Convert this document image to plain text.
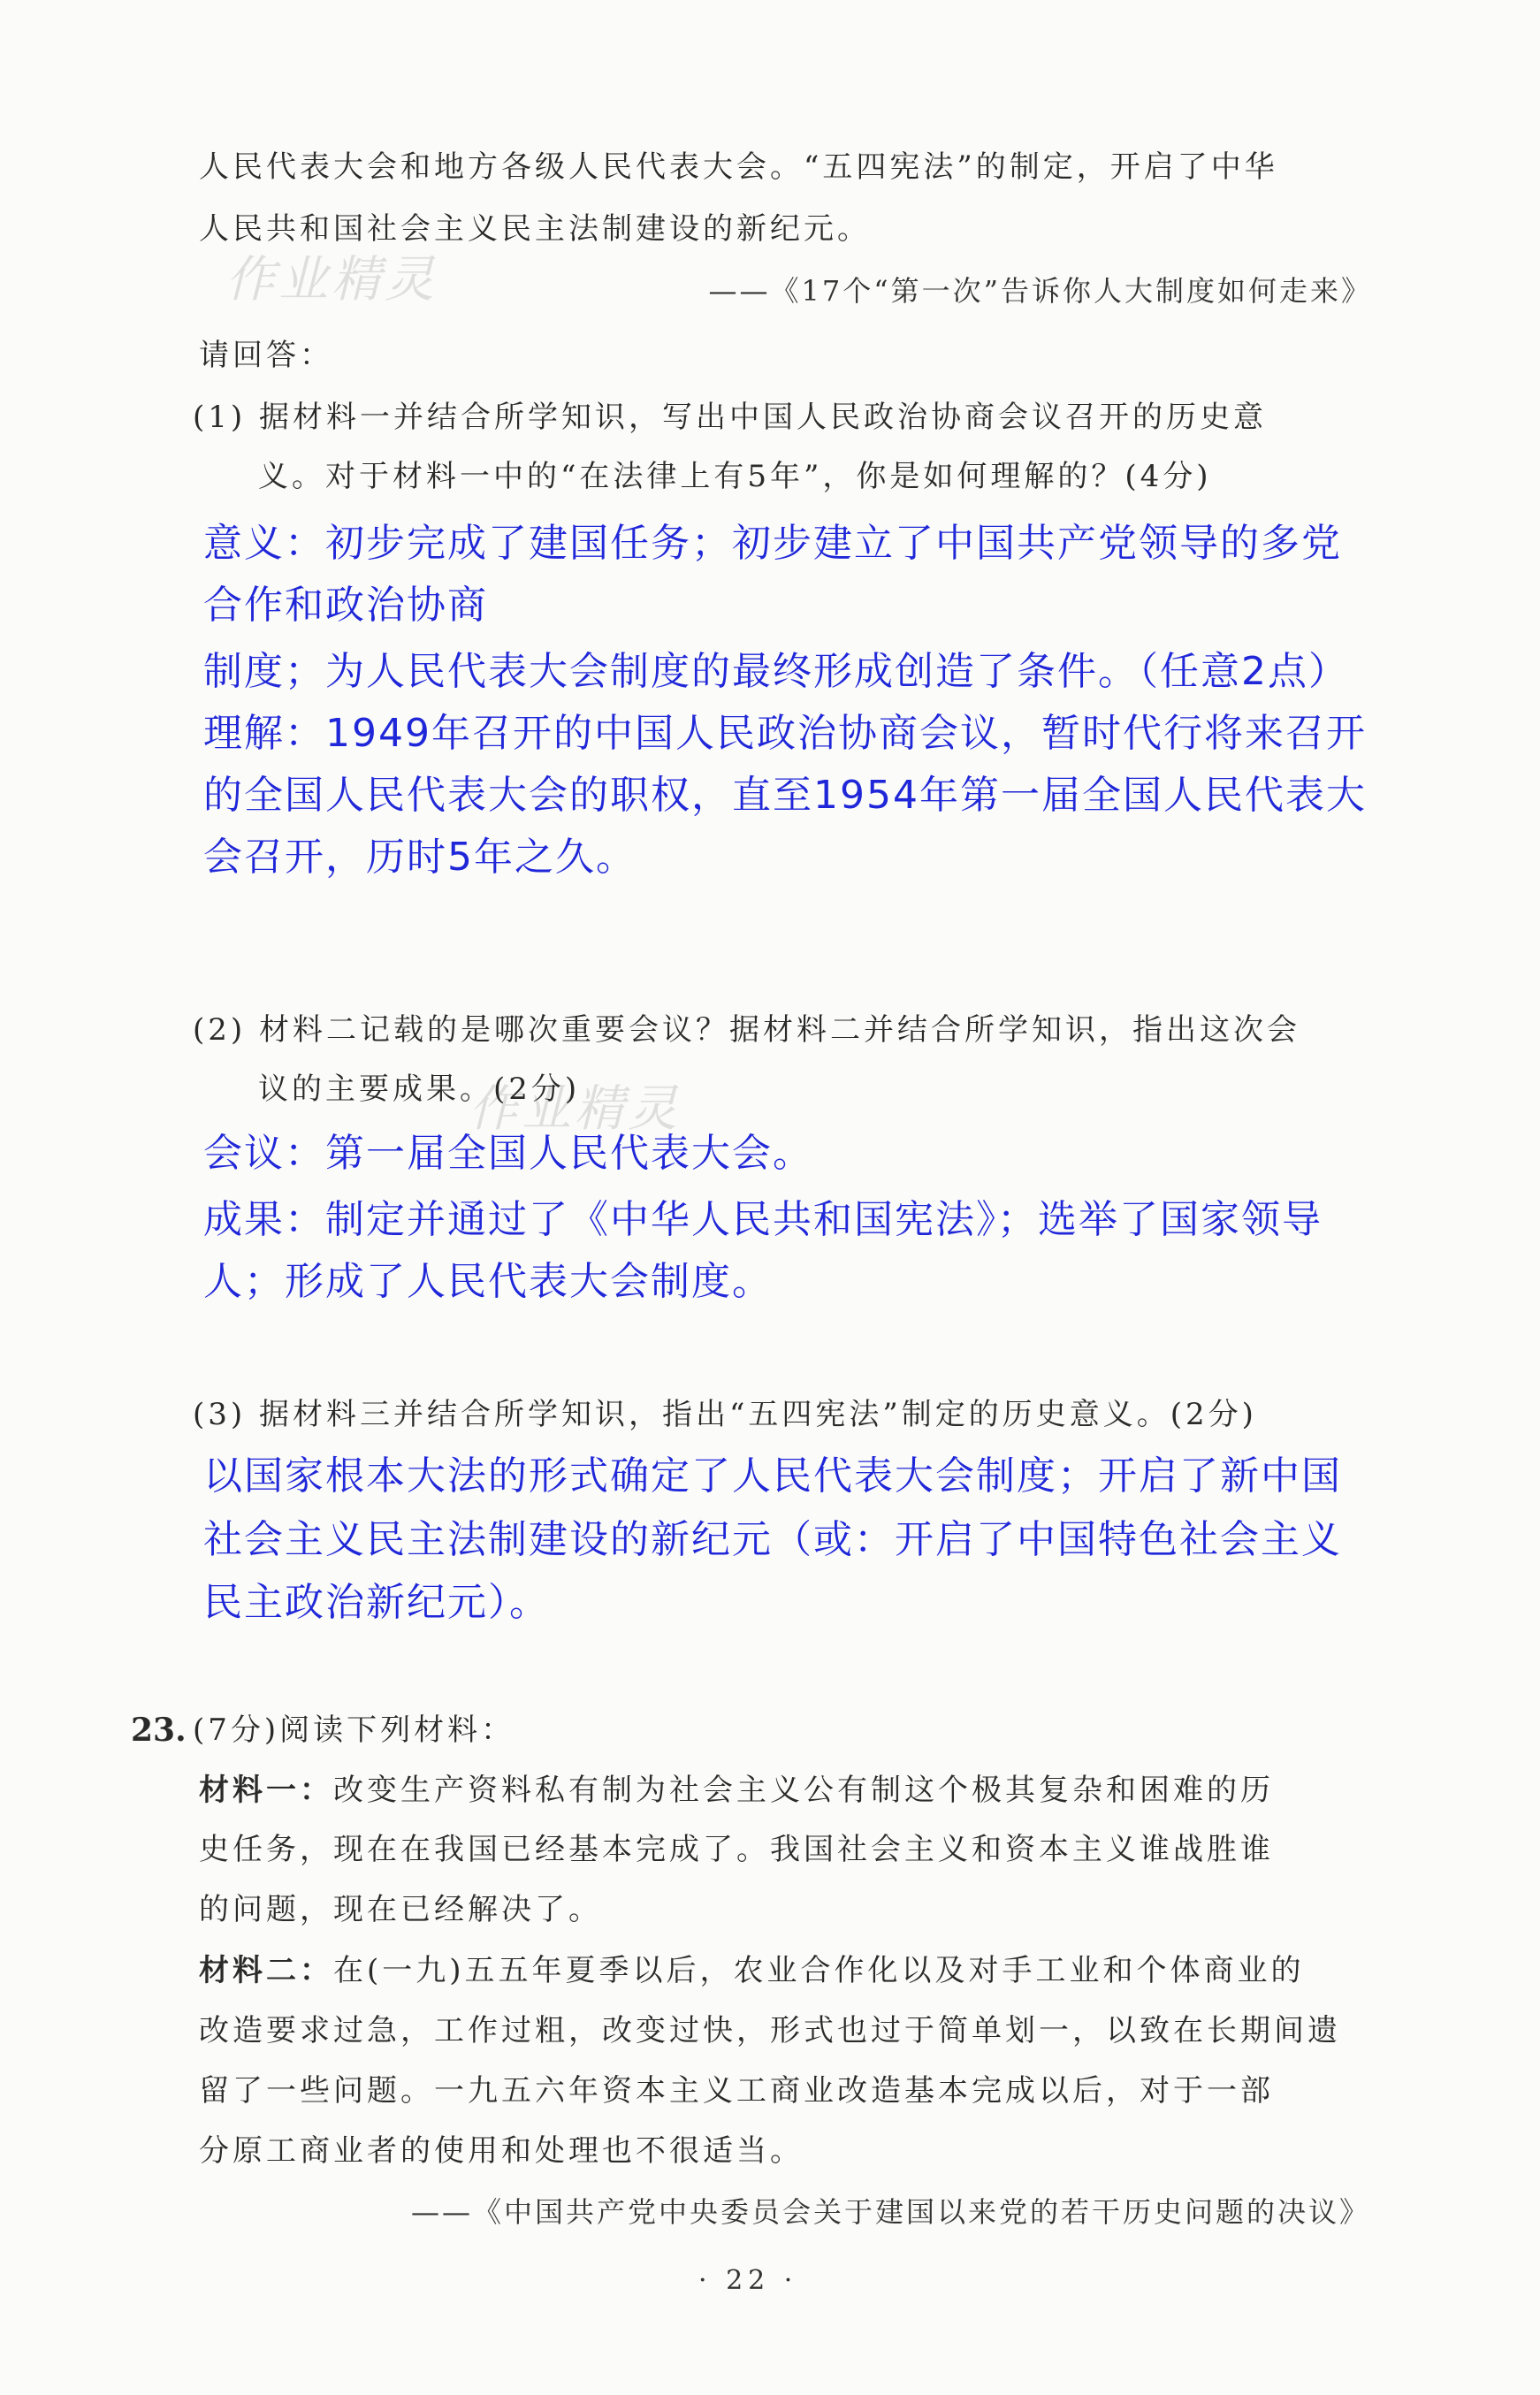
作业精灵
作业精灵
人民代表大会和地方各级人民代表大会。“五四宪法”的制定，开启了中华
人民共和国社会主义民主法制建设的新纪元。
——《17个“第一次”告诉你人大制度如何走来》
请回答：
(1) 据材料一并结合所学知识，写出中国人民政治协商会议召开的历史意
义。对于材料一中的“在法律上有5年”，你是如何理解的？(4分)
意义：初步完成了建国任务；初步建立了中国共产党领导的多党
合作和政治协商
制度；为人民代表大会制度的最终形成创造了条件。（任意2点）
理解：1949年召开的中国人民政治协商会议，暂时代行将来召开
的全国人民代表大会的职权，直至1954年第一届全国人民代表大
会召开，历时5年之久。
(2) 材料二记载的是哪次重要会议？据材料二并结合所学知识，指出这次会
议的主要成果。(2分)
会议：第一届全国人民代表大会。
成果：制定并通过了《中华人民共和国宪法》；选举了国家领导
人；形成了人民代表大会制度。
(3) 据材料三并结合所学知识，指出“五四宪法”制定的历史意义。(2分)
以国家根本大法的形式确定了人民代表大会制度；开启了新中国
社会主义民主法制建设的新纪元（或：开启了中国特色社会主义
民主政治新纪元）。
23. (7分)阅读下列材料：
材料一：改变生产资料私有制为社会主义公有制这个极其复杂和困难的历
史任务，现在在我国已经基本完成了。我国社会主义和资本主义谁战胜谁
的问题，现在已经解决了。
材料二：在(一九)五五年夏季以后，农业合作化以及对手工业和个体商业的
改造要求过急，工作过粗，改变过快，形式也过于简单划一，以致在长期间遗
留了一些问题。一九五六年资本主义工商业改造基本完成以后，对于一部
分原工商业者的使用和处理也不很适当。
——《中国共产党中央委员会关于建国以来党的若干历史问题的决议》
· 22 ·
